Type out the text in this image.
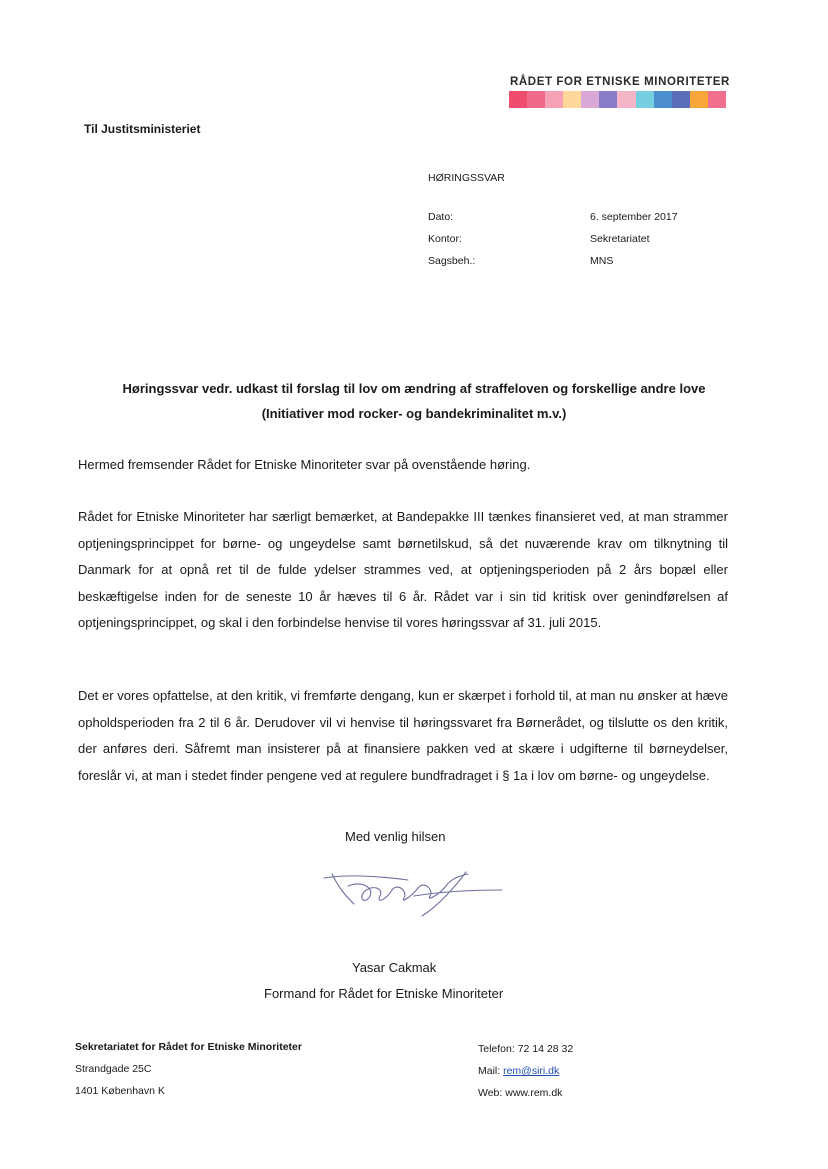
RÅDET FOR ETNISKE MINORITETER
Til Justitsministeriet
HØRINGSSVAR
Dato:	6. september 2017
Kontor:	Sekretariatet
Sagsbeh.:	MNS
Høringssvar vedr. udkast til forslag til lov om ændring af straffeloven og forskellige andre love
(Initiativer mod rocker- og bandekriminalitet m.v.)
Hermed fremsender Rådet for Etniske Minoriteter svar på ovenstående høring.
Rådet for Etniske Minoriteter har særligt bemærket, at Bandepakke III tænkes finansieret ved, at man strammer optjeningsprincippet for børne- og ungeydelse samt børnetilskud, så det nuværende krav om tilknytning til Danmark for at opnå ret til de fulde ydelser strammes ved, at optjeningsperioden på 2 års bopæl eller beskæftigelse inden for de seneste 10 år hæves til 6 år. Rådet var i sin tid kritisk over genindførelsen af optjeningsprincippet, og skal i den forbindelse henvise til vores høringssvar af 31. juli 2015.
Det er vores opfattelse, at den kritik, vi fremførte dengang, kun er skærpet i forhold til, at man nu ønsker at hæve opholdsperioden fra 2 til 6 år. Derudover vil vi henvise til høringssvaret fra Børnerådet, og tilslutte os den kritik, der anføres deri. Såfremt man insisterer på at finansiere pakken ved at skære i udgifterne til børneydelser, foreslår vi, at man i stedet finder pengene ved at regulere bundfradraget i § 1a i lov om børne- og ungeydelse.
Med venlig hilsen
Yasar Cakmak
Formand for Rådet for Etniske Minoriteter
Sekretariatet for Rådet for Etniske Minoriteter
Strandgade 25C
1401 København K
Telefon: 72 14 28 32
Mail: rem@siri.dk
Web: www.rem.dk
